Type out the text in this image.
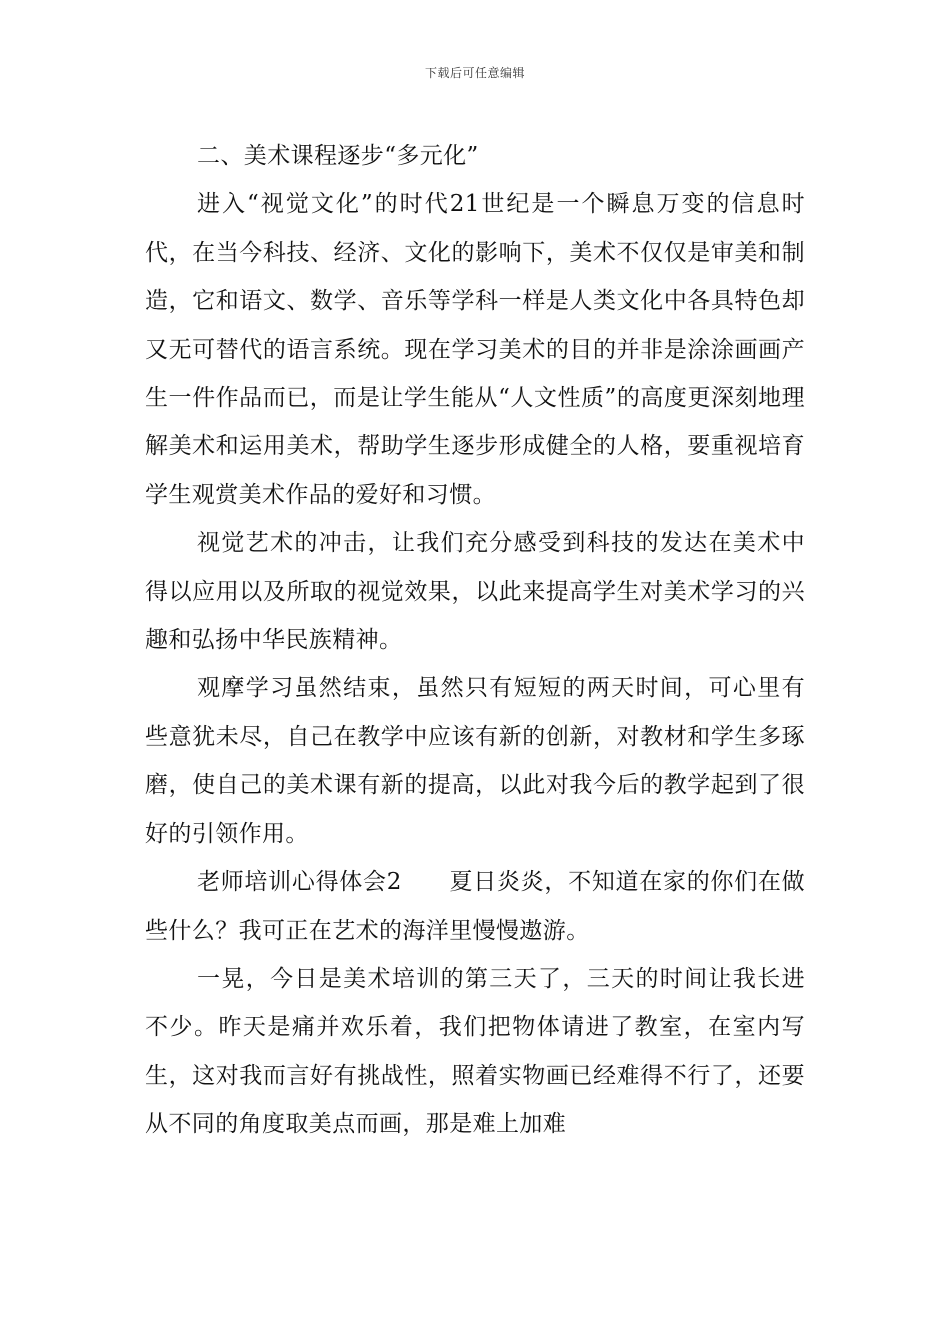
下载后可任意编辑

二、美术课程逐步“多元化”

进入“视觉文化”的时代21世纪是一个瞬息万变的信息时代，在当今科技、经济、文化的影响下，美术不仅仅是审美和制造，它和语文、数学、音乐等学科一样是人类文化中各具特色却又无可替代的语言系统。现在学习美术的目的并非是涂涂画画产生一件作品而已，而是让学生能从“人文性质”的高度更深刻地理解美术和运用美术，帮助学生逐步形成健全的人格，要重视培育学生观赏美术作品的爱好和习惯。

视觉艺术的冲击，让我们充分感受到科技的发达在美术中得以应用以及所取的视觉效果，以此来提高学生对美术学习的兴趣和弘扬中华民族精神。

观摩学习虽然结束，虽然只有短短的两天时间，可心里有些意犹未尽，自己在教学中应该有新的创新，对教材和学生多琢磨，使自己的美术课有新的提高，以此对我今后的教学起到了很好的引领作用。

老师培训心得体会2　　夏日炎炎，不知道在家的你们在做些什么？我可正在艺术的海洋里慢慢遨游。

一晃，今日是美术培训的第三天了，三天的时间让我长进不少。昨天是痛并欢乐着，我们把物体请进了教室，在室内写生，这对我而言好有挑战性，照着实物画已经难得不行了，还要从不同的角度取美点而画，那是难上加难
